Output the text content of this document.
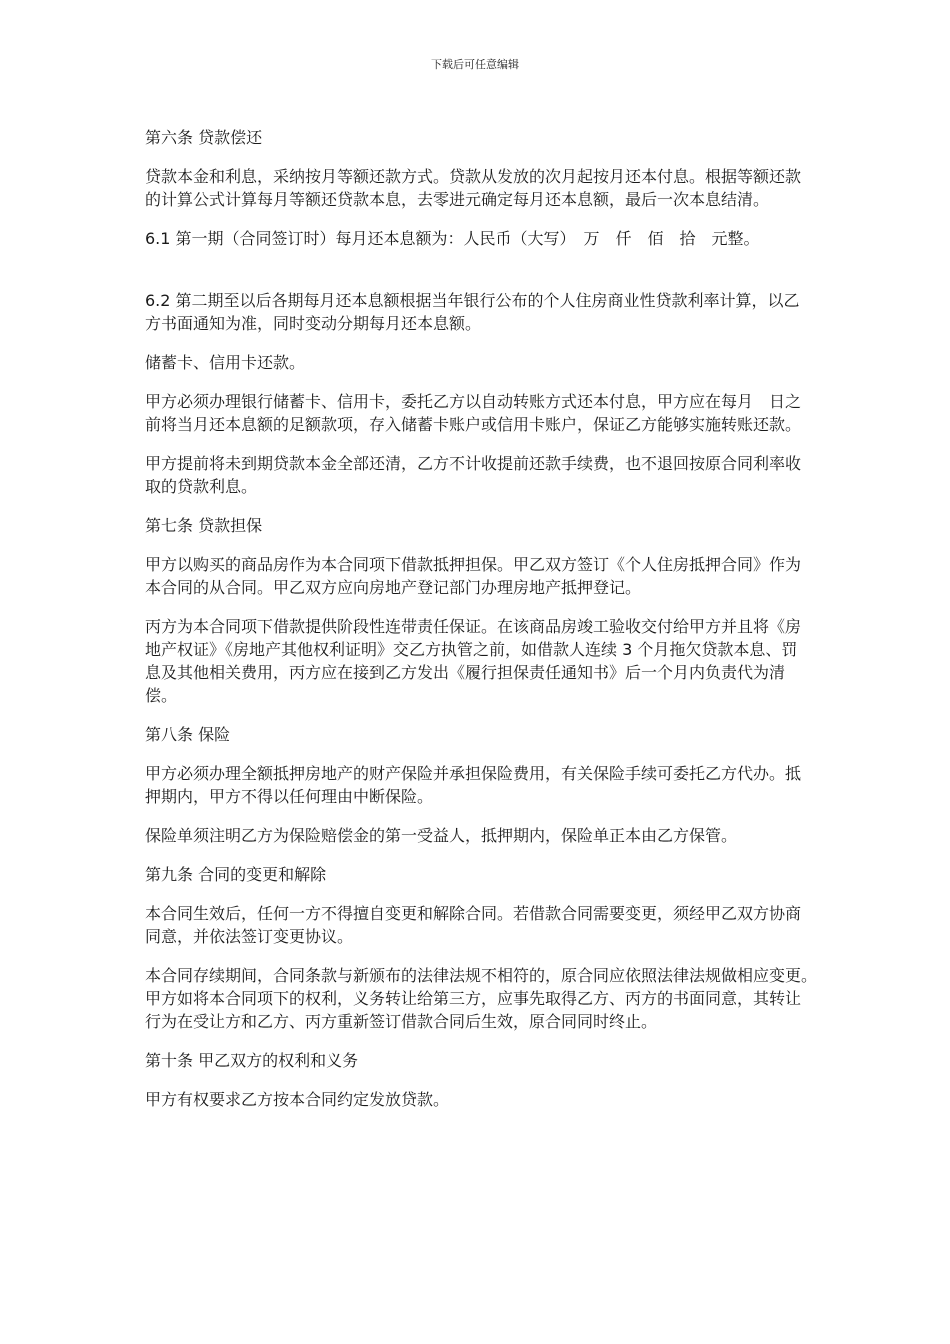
下载后可任意编辑

第六条 贷款偿还

贷款本金和利息，采纳按月等额还款方式。贷款从发放的次月起按月还本付息。根据等额还款的计算公式计算每月等额还贷款本息，去零进元确定每月还本息额，最后一次本息结清。

6.1 第一期（合同签订时）每月还本息额为：人民币（大写）　万　仟　佰　拾　元整。

6.2 第二期至以后各期每月还本息额根据当年银行公布的个人住房商业性贷款利率计算，以乙方书面通知为准，同时变动分期每月还本息额。

储蓄卡、信用卡还款。

甲方必须办理银行储蓄卡、信用卡，委托乙方以自动转账方式还本付息，甲方应在每月　日之前将当月还本息额的足额款项，存入储蓄卡账户或信用卡账户，保证乙方能够实施转账还款。

甲方提前将未到期贷款本金全部还清，乙方不计收提前还款手续费，也不退回按原合同利率收取的贷款利息。

第七条 贷款担保

甲方以购买的商品房作为本合同项下借款抵押担保。甲乙双方签订《个人住房抵押合同》作为本合同的从合同。甲乙双方应向房地产登记部门办理房地产抵押登记。

丙方为本合同项下借款提供阶段性连带责任保证。在该商品房竣工验收交付给甲方并且将《房地产权证》《房地产其他权利证明》交乙方执管之前，如借款人连续 3 个月拖欠贷款本息、罚息及其他相关费用，丙方应在接到乙方发出《履行担保责任通知书》后一个月内负责代为清偿。

第八条 保险

甲方必须办理全额抵押房地产的财产保险并承担保险费用，有关保险手续可委托乙方代办。抵押期内，甲方不得以任何理由中断保险。

保险单须注明乙方为保险赔偿金的第一受益人，抵押期内，保险单正本由乙方保管。

第九条 合同的变更和解除

本合同生效后，任何一方不得擅自变更和解除合同。若借款合同需要变更，须经甲乙双方协商同意，并依法签订变更协议。

本合同存续期间，合同条款与新颁布的法律法规不相符的，原合同应依照法律法规做相应变更。　甲方如将本合同项下的权利，义务转让给第三方，应事先取得乙方、丙方的书面同意，其转让行为在受让方和乙方、丙方重新签订借款合同后生效，原合同同时终止。

第十条 甲乙双方的权利和义务

甲方有权要求乙方按本合同约定发放贷款。
